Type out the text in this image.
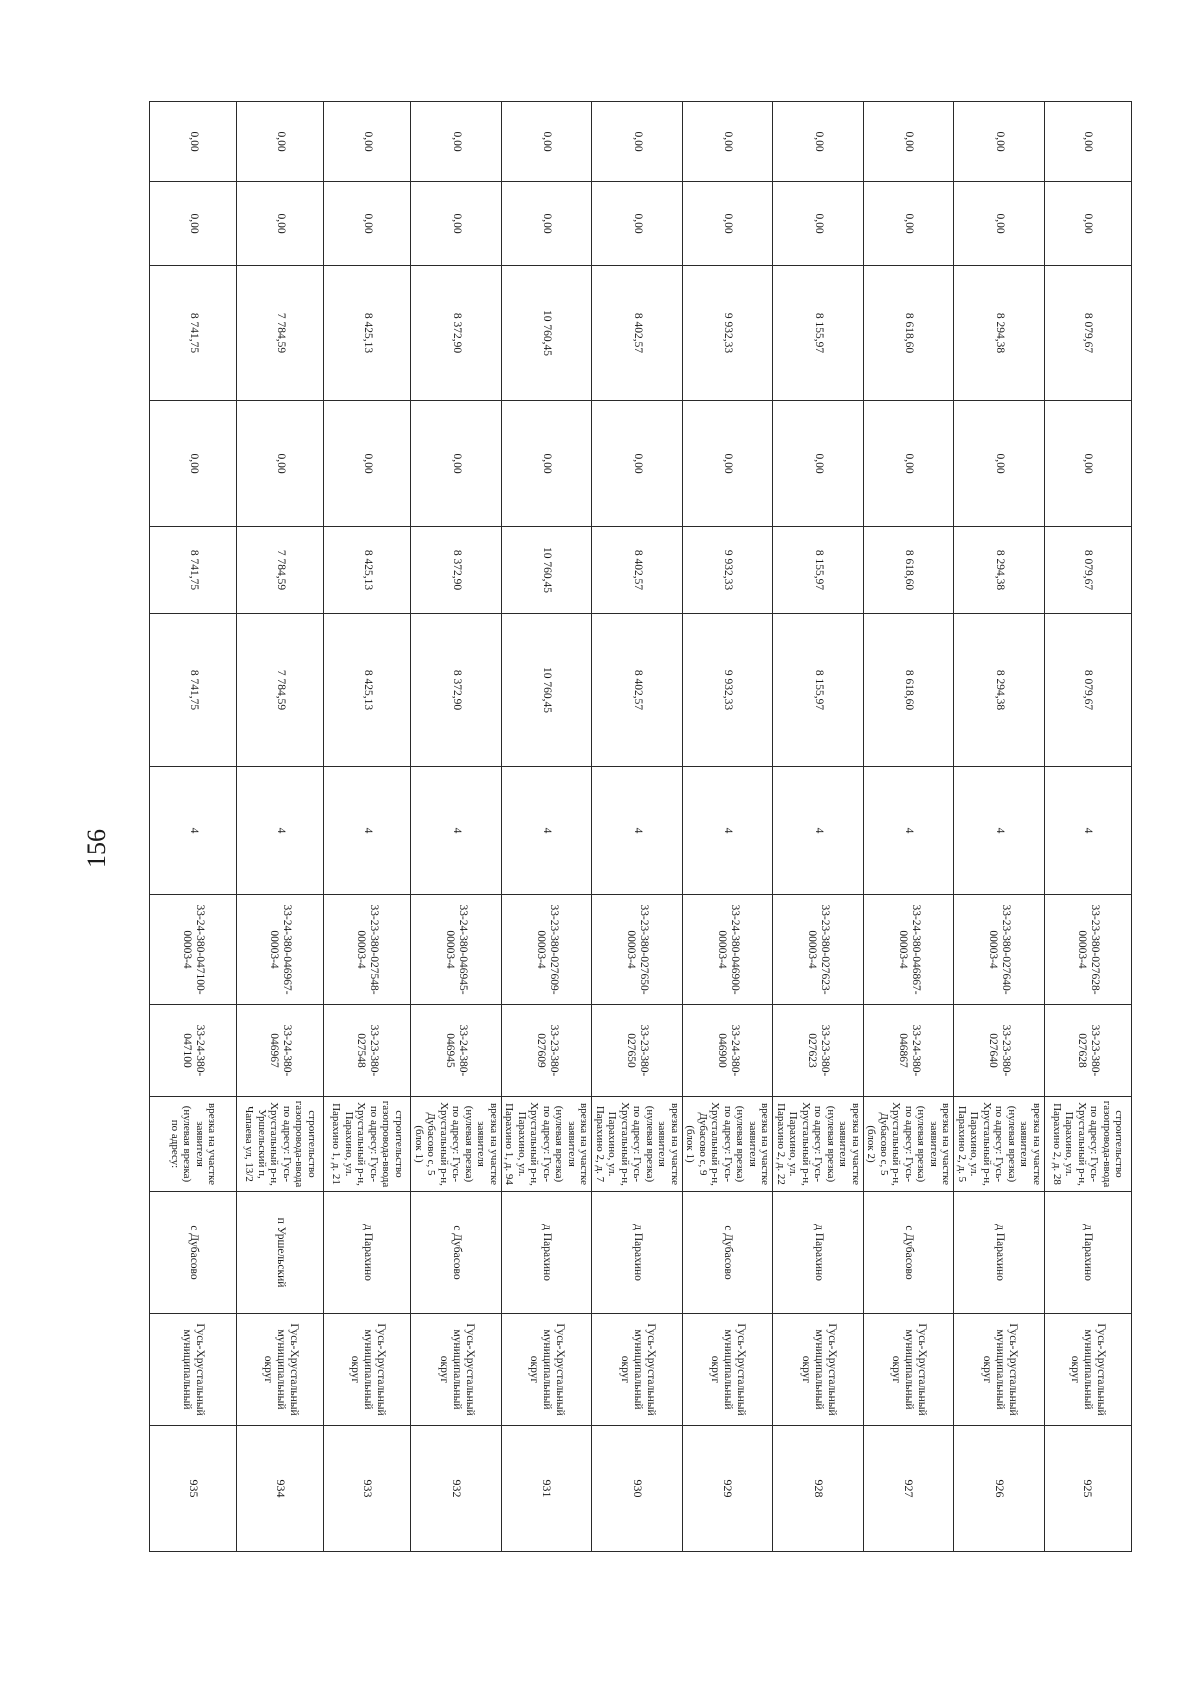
156
0,00	0,00	8 079,67	0,00	8 079,67	8 079,67	4	33-23-380-027628-00003-4	33-23-380-027628	строительство газопровода-ввода по адресу: Гусь-Хрустальный р-н, Парахино, ул. Парахино 2, д. 28	д Парахино	Гусь-Хрустальный муниципальный округ	925
0,00	0,00	8 294,38	0,00	8 294,38	8 294,38	4	33-23-380-027640-00003-4	33-23-380-027640	врезка на участке заявителя (нулевая врезка) по адресу: Гусь-Хрустальный р-н, Парахино, ул. Парахино 2, д. 5	д Парахино	Гусь-Хрустальный муниципальный округ	926
0,00	0,00	8 618,60	0,00	8 618,60	8 618,60	4	33-24-380-046867-00003-4	33-24-380-046867	врезка на участке заявителя (нулевая врезка) по адресу: Гусь-Хрустальный р-н, Дубасово с, 5 (блок 2)	с Дубасово	Гусь-Хрустальный муниципальный округ	927
0,00	0,00	8 155,97	0,00	8 155,97	8 155,97	4	33-23-380-027623-00003-4	33-23-380-027623	врезка на участке заявителя (нулевая врезка) по адресу: Гусь-Хрустальный р-н, Парахино, ул. Парахино 2, д. 22	д Парахино	Гусь-Хрустальный муниципальный округ	928
0,00	0,00	9 932,33	0,00	9 932,33	9 932,33	4	33-24-380-046900-00003-4	33-24-380-046900	врезка на участке заявителя (нулевая врезка) по адресу: Гусь-Хрустальный р-н, Дубасово с, 9 (блок 1)	с Дубасово	Гусь-Хрустальный муниципальный округ	929
0,00	0,00	8 402,57	0,00	8 402,57	8 402,57	4	33-23-380-027650-00003-4	33-23-380-027650	врезка на участке заявителя (нулевая врезка) по адресу: Гусь-Хрустальный р-н, Парахино, ул. Парахино 2, д. 7	д Парахино	Гусь-Хрустальный муниципальный округ	930
0,00	0,00	10 760,45	0,00	10 760,45	10 760,45	4	33-23-380-027609-00003-4	33-23-380-027609	врезка на участке заявителя (нулевая врезка) по адресу: Гусь-Хрустальный р-н, Парахино, ул. Парахино 1, д. 94	д Парахино	Гусь-Хрустальный муниципальный округ	931
0,00	0,00	8 372,90	0,00	8 372,90	8 372,90	4	33-24-380-046945-00003-4	33-24-380-046945	врезка на участке заявителя (нулевая врезка) по адресу: Гусь-Хрустальный р-н, Дубасово с, 5 (блок 1)	с Дубасово	Гусь-Хрустальный муниципальный округ	932
0,00	0,00	8 425,13	0,00	8 425,13	8 425,13	4	33-23-380-027548-00003-4	33-23-380-027548	строительство газопровода-ввода по адресу: Гусь-Хрустальный р-н, Парахино, ул. Парахино 1, д. 21	д Парахино	Гусь-Хрустальный муниципальный округ	933
0,00	0,00	7 784,59	0,00	7 784,59	7 784,59	4	33-24-380-046967-00003-4	33-24-380-046967	строительство газопровода-ввода по адресу: Гусь-Хрустальный р-н, Уршельский п, Чапаева ул, 13/2	п Уршельский	Гусь-Хрустальный муниципальный округ	934
0,00	0,00	8 741,75	0,00	8 741,75	8 741,75	4	33-24-380-047100-00003-4	33-24-380-047100	врезка на участке заявителя (нулевая врезка) по адресу:	с Дубасово	Гусь-Хрустальный муниципальный	935
